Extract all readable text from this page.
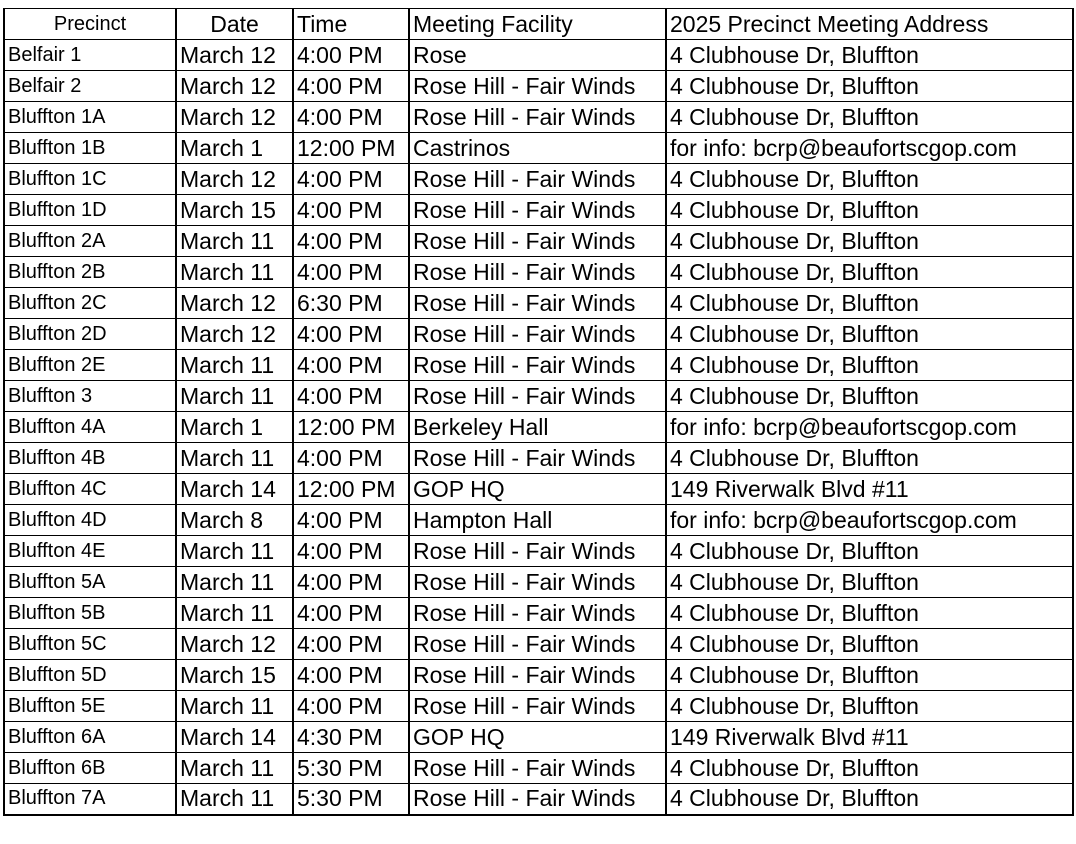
Precinct	Date	Time	Meeting Facility	2025 Precinct Meeting Address
Belfair 1	March 12	4:00 PM	Rose	4 Clubhouse Dr, Bluffton
Belfair 2	March 12	4:00 PM	Rose Hill - Fair Winds	4 Clubhouse Dr, Bluffton
Bluffton 1A	March 12	4:00 PM	Rose Hill - Fair Winds	4 Clubhouse Dr, Bluffton
Bluffton 1B	March 1	12:00 PM	Castrinos	for info: bcrp@beaufortscgop.com
Bluffton 1C	March 12	4:00 PM	Rose Hill - Fair Winds	4 Clubhouse Dr, Bluffton
Bluffton 1D	March 15	4:00 PM	Rose Hill - Fair Winds	4 Clubhouse Dr, Bluffton
Bluffton 2A	March 11	4:00 PM	Rose Hill - Fair Winds	4 Clubhouse Dr, Bluffton
Bluffton 2B	March 11	4:00 PM	Rose Hill - Fair Winds	4 Clubhouse Dr, Bluffton
Bluffton 2C	March 12	6:30 PM	Rose Hill - Fair Winds	4 Clubhouse Dr, Bluffton
Bluffton 2D	March 12	4:00 PM	Rose Hill - Fair Winds	4 Clubhouse Dr, Bluffton
Bluffton 2E	March 11	4:00 PM	Rose Hill - Fair Winds	4 Clubhouse Dr, Bluffton
Bluffton 3	March 11	4:00 PM	Rose Hill - Fair Winds	4 Clubhouse Dr, Bluffton
Bluffton 4A	March 1	12:00 PM	Berkeley Hall	for info: bcrp@beaufortscgop.com
Bluffton 4B	March 11	4:00 PM	Rose Hill - Fair Winds	4 Clubhouse Dr, Bluffton
Bluffton 4C	March 14	12:00 PM	GOP HQ	149 Riverwalk Blvd #11
Bluffton 4D	March 8	4:00 PM	Hampton Hall	for info: bcrp@beaufortscgop.com
Bluffton 4E	March 11	4:00 PM	Rose Hill - Fair Winds	4 Clubhouse Dr, Bluffton
Bluffton 5A	March 11	4:00 PM	Rose Hill - Fair Winds	4 Clubhouse Dr, Bluffton
Bluffton 5B	March 11	4:00 PM	Rose Hill - Fair Winds	4 Clubhouse Dr, Bluffton
Bluffton 5C	March 12	4:00 PM	Rose Hill - Fair Winds	4 Clubhouse Dr, Bluffton
Bluffton 5D	March 15	4:00 PM	Rose Hill - Fair Winds	4 Clubhouse Dr, Bluffton
Bluffton 5E	March 11	4:00 PM	Rose Hill - Fair Winds	4 Clubhouse Dr, Bluffton
Bluffton 6A	March 14	4:30 PM	GOP HQ	149 Riverwalk Blvd #11
Bluffton 6B	March 11	5:30 PM	Rose Hill - Fair Winds	4 Clubhouse Dr, Bluffton
Bluffton 7A	March 11	5:30 PM	Rose Hill - Fair Winds	4 Clubhouse Dr, Bluffton
